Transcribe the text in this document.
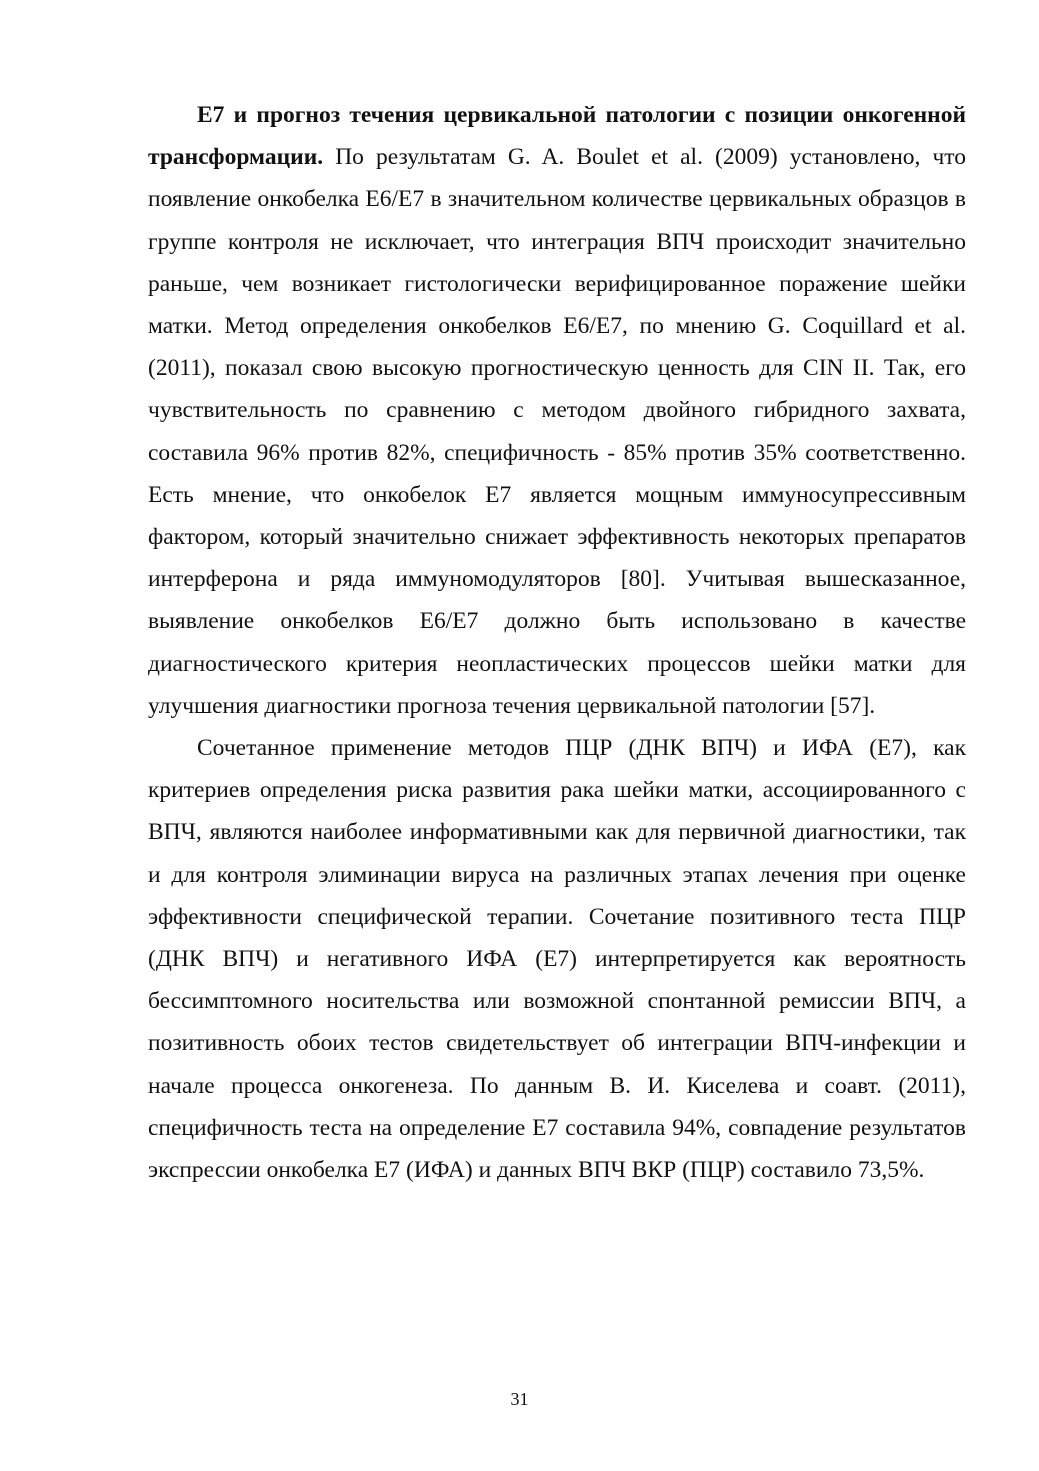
Е7 и прогноз течения цервикальной патологии с позиции онкогенной трансформации. По результатам G. A. Boulet et al. (2009) установлено, что появление онкобелка Е6/Е7 в значительном количестве цервикальных образцов в группе контроля не исключает, что интеграция ВПЧ происходит значительно раньше, чем возникает гистологически верифицированное поражение шейки матки. Метод определения онкобелков Е6/Е7, по мнению G. Coquillard et al. (2011), показал свою высокую прогностическую ценность для CIN II. Так, его чувствительность по сравнению с методом двойного гибридного захвата, составила 96% против 82%, специфичность - 85% против 35% соответственно. Есть мнение, что онкобелок Е7 является мощным иммуносупрессивным фактором, который значительно снижает эффективность некоторых препаратов интерферона и ряда иммуномодуляторов [80]. Учитывая вышесказанное, выявление онкобелков Е6/Е7 должно быть использовано в качестве диагностического критерия неопластических процессов шейки матки для улучшения диагностики прогноза течения цервикальной патологии [57].

Сочетанное применение методов ПЦР (ДНК ВПЧ) и ИФА (Е7), как критериев определения риска развития рака шейки матки, ассоциированного с ВПЧ, являются наиболее информативными как для первичной диагностики, так и для контроля элиминации вируса на различных этапах лечения при оценке эффективности специфической терапии. Сочетание позитивного теста ПЦР (ДНК ВПЧ) и негативного ИФА (Е7) интерпретируется как вероятность бессимптомного носительства или возможной спонтанной ремиссии ВПЧ, а позитивность обоих тестов свидетельствует об интеграции ВПЧ-инфекции и начале процесса онкогенеза. По данным В. И. Киселева и соавт. (2011), специфичность теста на определение Е7 составила 94%, совпадение результатов экспрессии онкобелка Е7 (ИФА) и данных ВПЧ ВКР (ПЦР) составило 73,5%.

31
